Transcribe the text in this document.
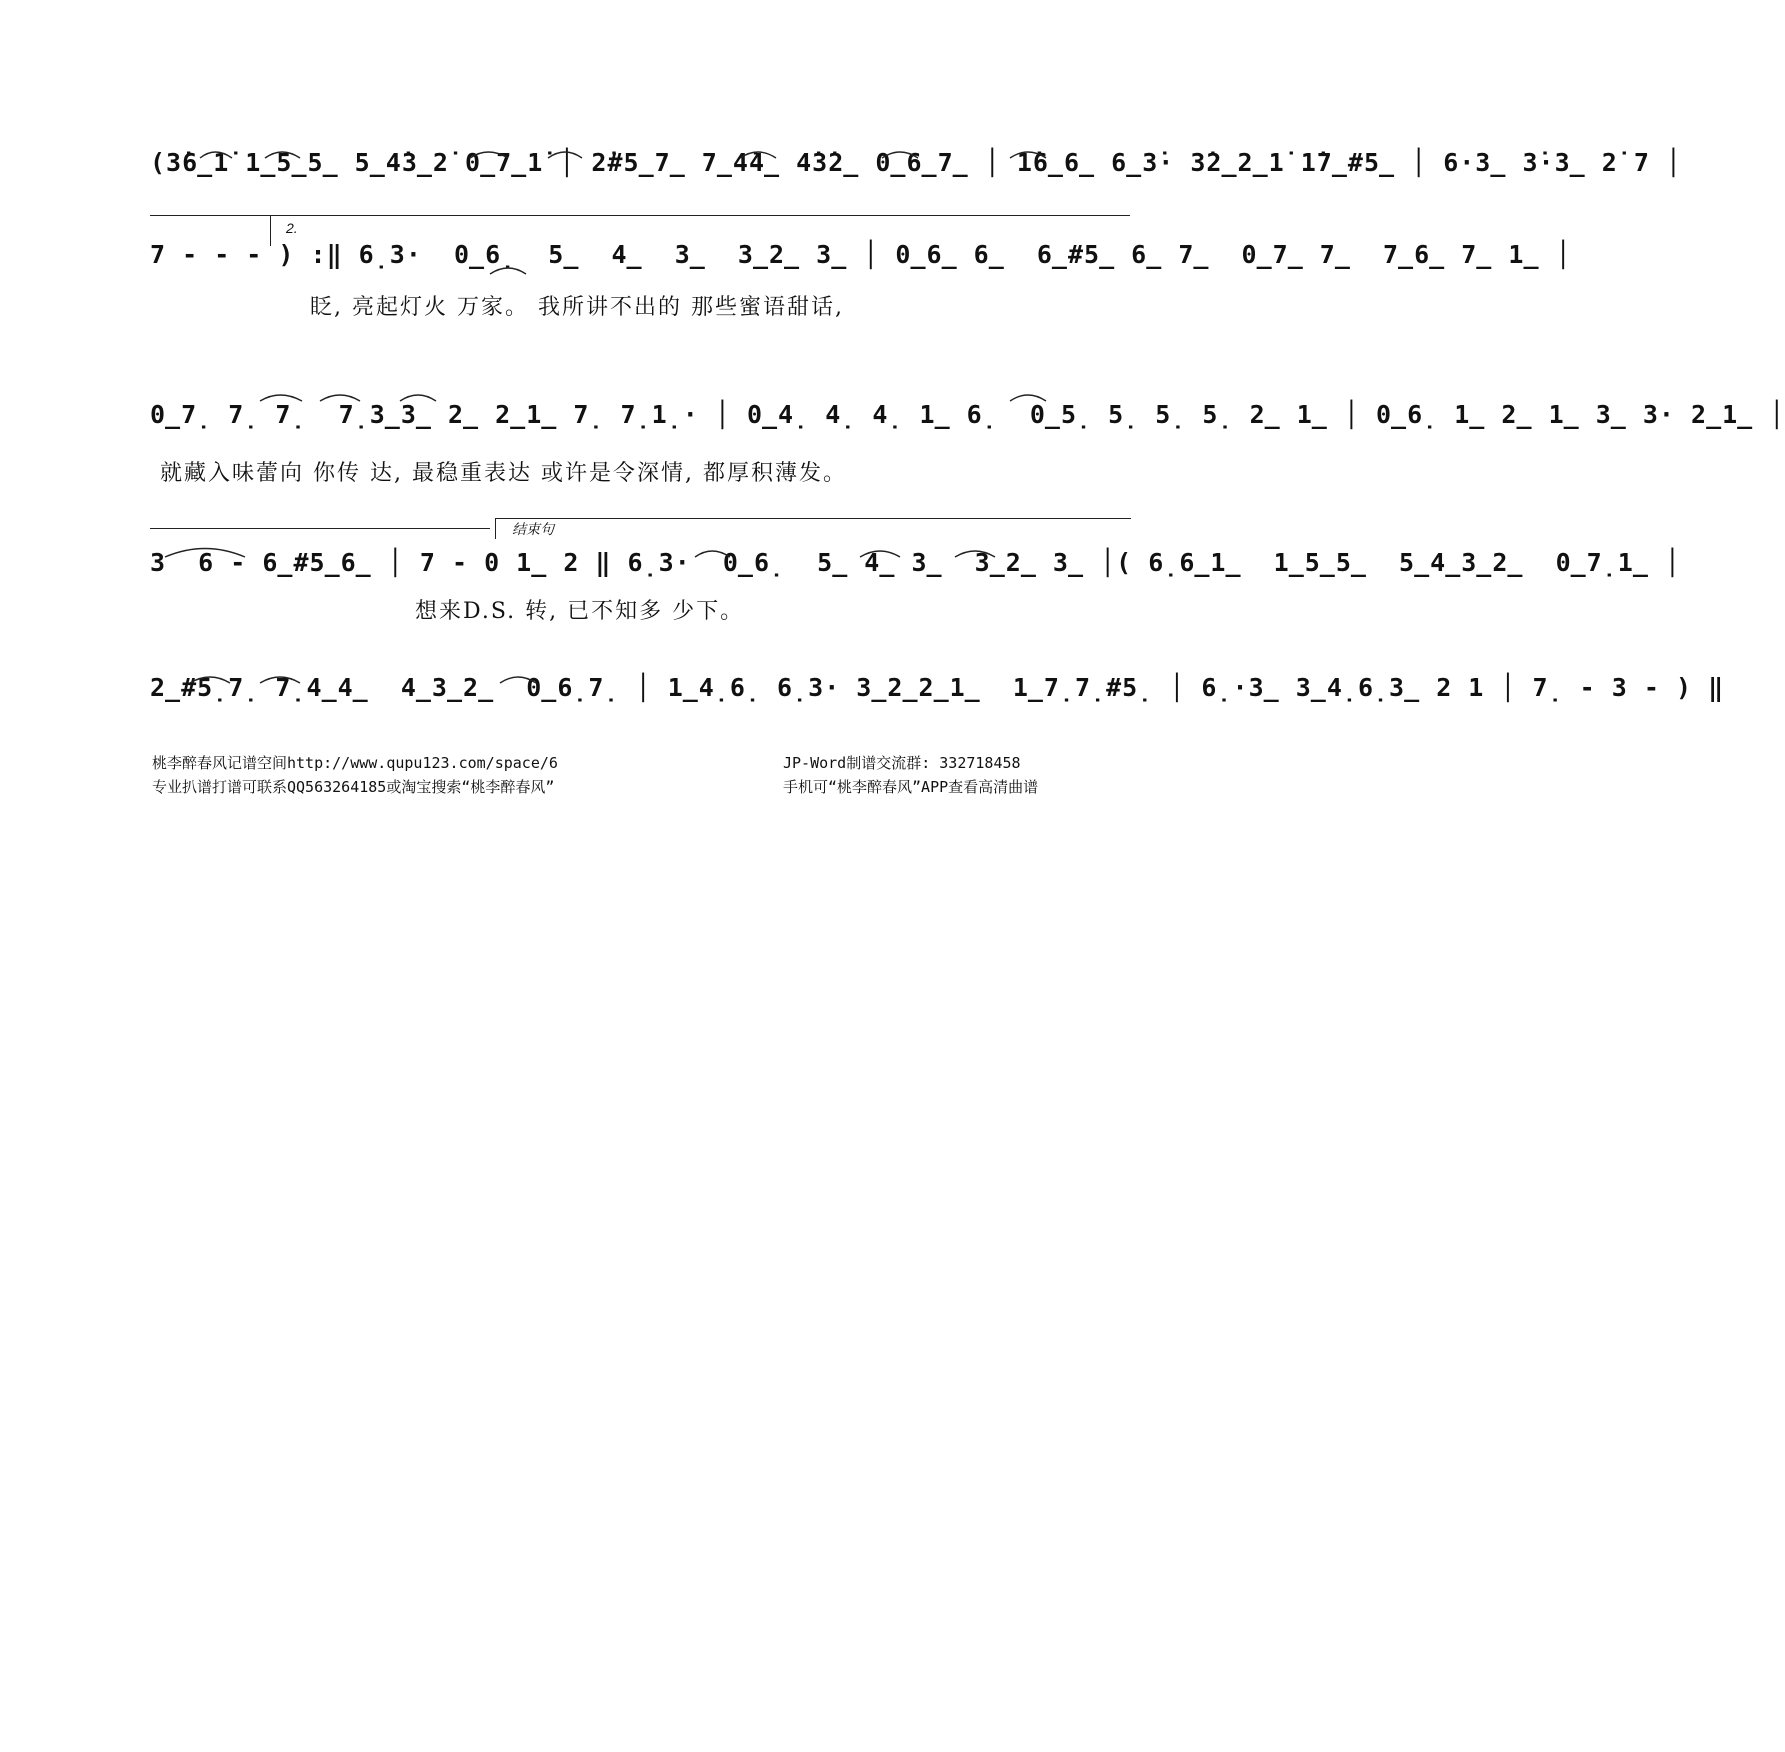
(3̇6̲1̇ 1̲5̲5̲ 5̲4̇3̲2̇ 0̲7̲1̇ │ 2̇#5̲7̲ 7̲4̇4̲ 4̇3̇2̲ 0̲6̲7̲ │ 1̇6̲6̲ 6̲3̇· 3̇2̲2̲1̇ 1̇7̲#5̲ │ 6·3̲ 3̇·3̲ 2̇ 7 │
2.
7 - - - ) :‖ 6̣3·  0̲6̣  5̲  4̲  3̲  3̲2̲ 3̲ │ 0̲6̲ 6̲  6̲#5̲ 6̲ 7̲  0̲7̲ 7̲  7̲6̲ 7̲ 1̲ │
眨, 亮起灯火 万家。 我所讲不出的 那些蜜语甜话,
0̲7̣ 7̣ 7̣  7̣3̲3̲ 2̲ 2̲1̲ 7̣ 7̣1̣· │ 0̲4̣ 4̣ 4̣ 1̲ 6̣  0̲5̣ 5̣ 5̣ 5̣ 2̲ 1̲ │ 0̲6̣ 1̲ 2̲ 1̲ 3̲ 3· 2̲1̲ │
就藏入味蕾向 你传 达, 最稳重表达 或许是令深情, 都厚积薄发。
结束句
3  6 - 6̲#5̲6̲ │ 7 - 0 1̲ 2 ‖ 6̣3·  0̲6̣  5̲ 4̲ 3̲  3̲2̲ 3̲ │( 6̣6̲1̲  1̲5̲5̲  5̲4̲3̲2̲  0̲7̣1̲ │
想来D.S. 转, 已不知多 少下。
2̲#5̣7̣ 7̣4̲4̲  4̲3̲2̲  0̲6̣7̣ │ 1̲4̣6̣ 6̣3· 3̲2̲2̲1̲  1̲7̣7̣#5̣ │ 6̣·3̲ 3̲4̣6̣3̲ 2 1 │ 7̣ - 3 - ) ‖
桃李醉春风记谱空间http://www.qupu123.com/space/6
专业扒谱打谱可联系QQ563264185或淘宝搜索“桃李醉春风”
JP-Word制谱交流群: 332718458
手机可“桃李醉春风”APP查看高清曲谱
